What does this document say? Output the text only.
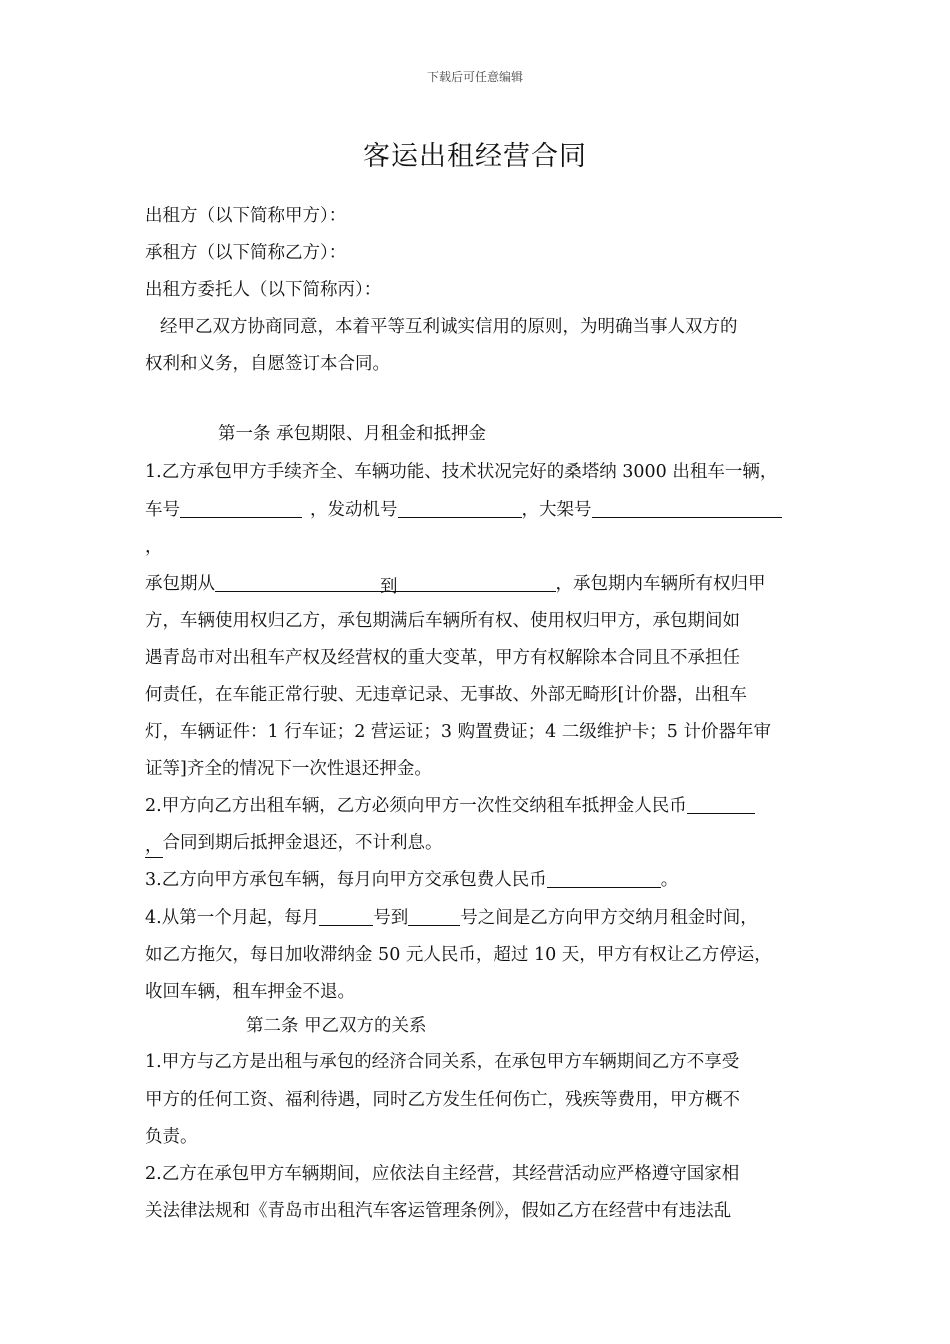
下载后可任意编辑
客运出租经营合同
出租方（以下简称甲方）：
承租方（以下简称乙方）：
出租方委托人（以下简称丙）：
经甲乙双方协商同意，本着平等互利诚实信用的原则，为明确当事人双方的
权利和义务，自愿签订本合同。
第一条 承包期限、月租金和抵押金
1.乙方承包甲方手续齐全、车辆功能、技术状况完好的桑塔纳 3000 出租车一辆，
车号	，发动机号	，大架号
，
承包期从	到	，承包期内车辆所有权归甲
方，车辆使用权归乙方，承包期满后车辆所有权、使用权归甲方，承包期间如
遇青岛市对出租车产权及经营权的重大变革，甲方有权解除本合同且不承担任
何责任，在车能正常行驶、无违章记录、无事故、外部无畸形[计价器，出租车
灯，车辆证件：1 行车证；2 营运证；3 购置费证；4 二级维护卡；5 计价器年审
证等]齐全的情况下一次性退还押金。
2.甲方向乙方出租车辆，乙方必须向甲方一次性交纳租车抵押金人民币
，合同到期后抵押金退还，不计利息。
3.乙方向甲方承包车辆，每月向甲方交承包费人民币	。
4.从第一个月起，每月	号到	号之间是乙方向甲方交纳月租金时间，
如乙方拖欠，每日加收滞纳金 50 元人民币，超过 10 天，甲方有权让乙方停运，
收回车辆，租车押金不退。
第二条 甲乙双方的关系
1.甲方与乙方是出租与承包的经济合同关系，在承包甲方车辆期间乙方不享受
甲方的任何工资、福利待遇，同时乙方发生任何伤亡，残疾等费用，甲方概不
负责。
2.乙方在承包甲方车辆期间，应依法自主经营，其经营活动应严格遵守国家相
关法律法规和《青岛市出租汽车客运管理条例》，假如乙方在经营中有违法乱
